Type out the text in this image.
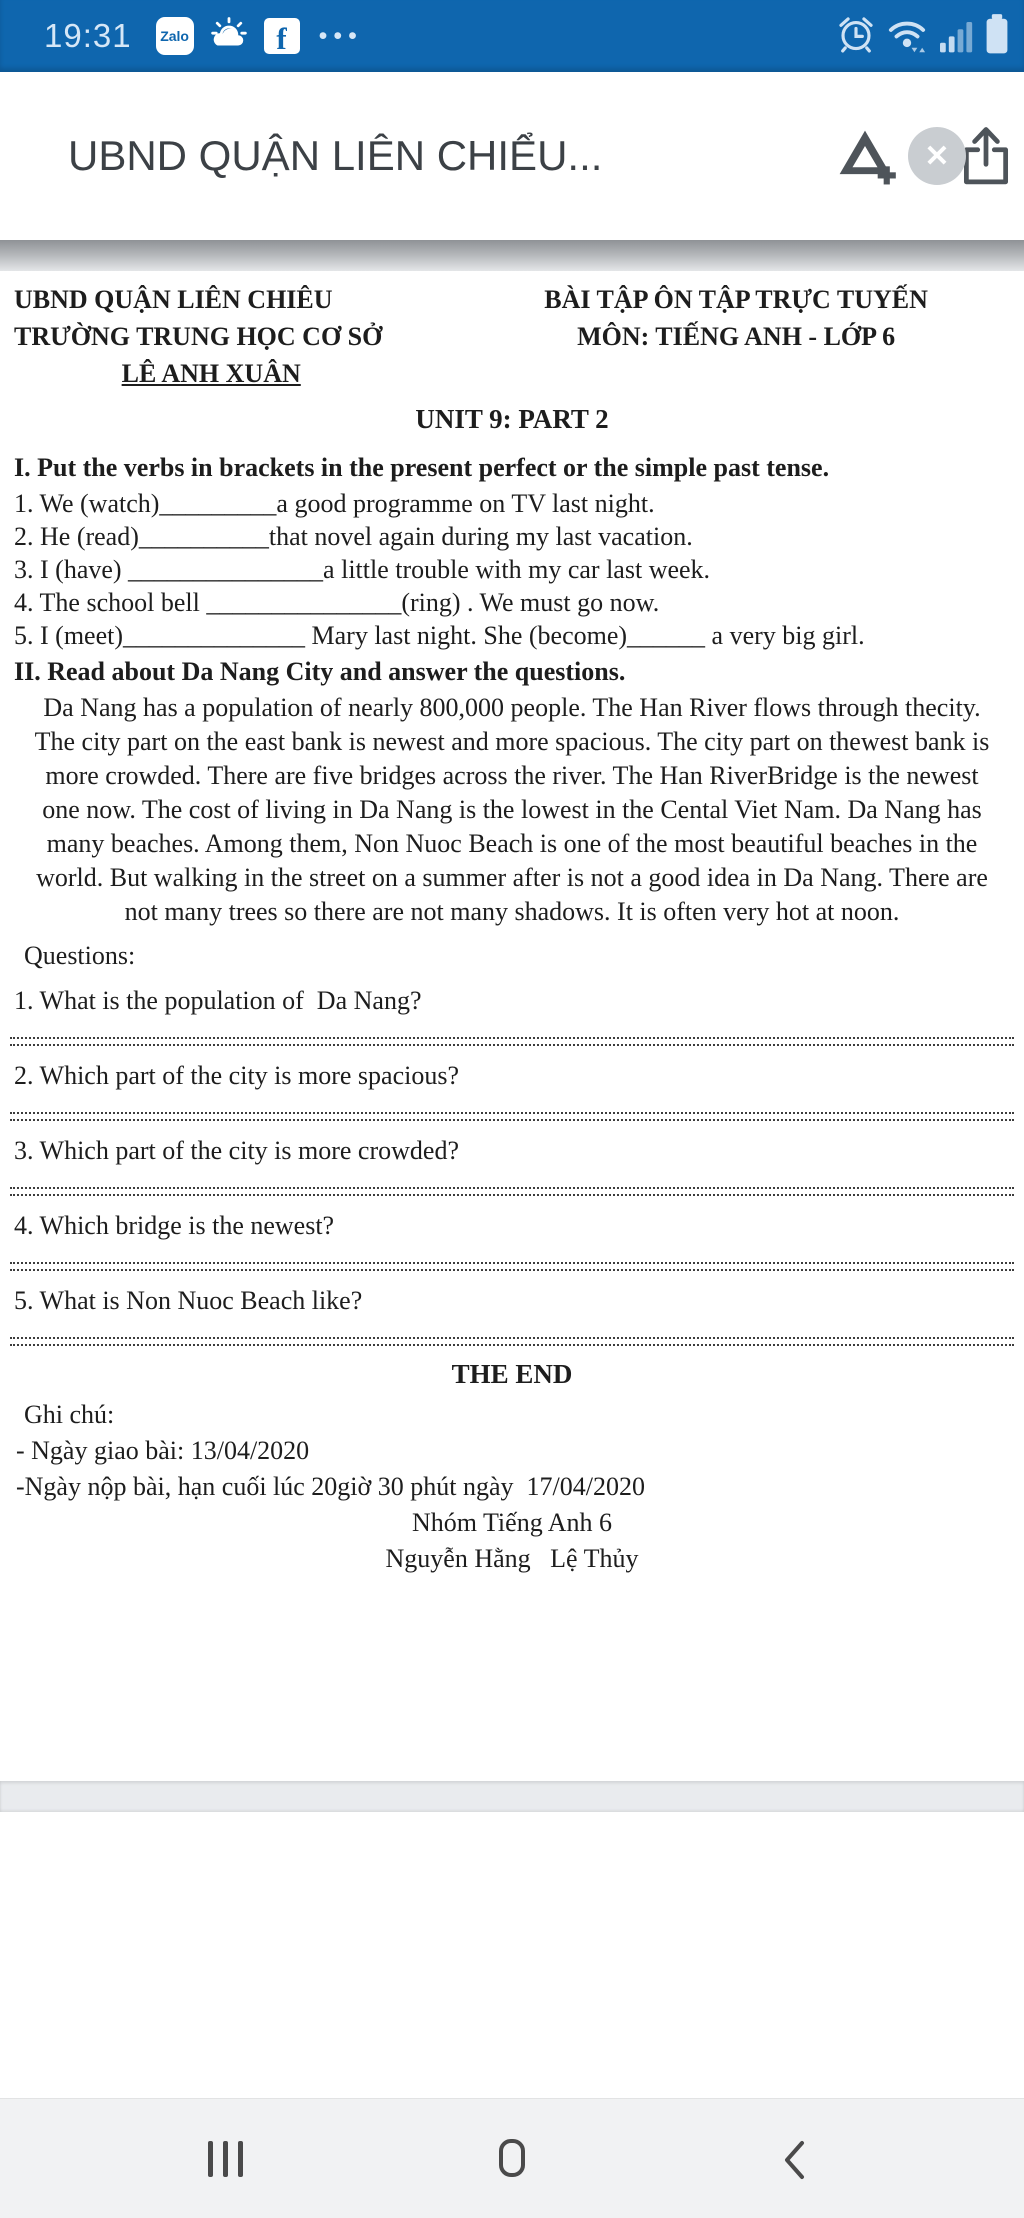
19:31	Zalo	f	•••
UBND QUẬN LIÊN CHIỂU...	✕
UBND QUẬN LIÊN CHIÊU
TRƯỜNG TRUNG HỌC CƠ SỞ
LÊ ANH XUÂN
BÀI TẬP ÔN TẬP TRỰC TUYẾN
MÔN: TIẾNG ANH - LỚP 6
UNIT 9: PART 2
I. Put the verbs in brackets in the present perfect or the simple past tense.
1. We (watch)_________a good programme on TV last night.
2. He (read)__________that novel again during my last vacation.
3. I (have) _______________a little trouble with my car last week.
4. The school bell _______________(ring) . We must go now.
5. I (meet)______________ Mary last night. She (become)______ a very big girl.
II. Read about Da Nang City and answer the questions.
Da Nang has a population of nearly 800,000 people. The Han River flows through thecity. The city part on the east bank is newest and more spacious. The city part on thewest bank is more crowded. There are five bridges across the river. The Han RiverBridge is the newest one now. The cost of living in Da Nang is the lowest in the Cental Viet Nam. Da Nang has many beaches. Among them, Non Nuoc Beach is one of the most beautiful beaches in the world. But walking in the street on a summer after is not a good idea in Da Nang. There are not many trees so there are not many shadows. It is often very hot at noon.
Questions:
1. What is the population of  Da Nang?
2. Which part of the city is more spacious?
3. Which part of the city is more crowded?
4. Which bridge is the newest?
5. What is Non Nuoc Beach like?
THE END
Ghi chú:
- Ngày giao bài: 13/04/2020
-Ngày nộp bài, hạn cuối lúc 20giờ 30 phút ngày  17/04/2020
Nhóm Tiếng Anh 6
Nguyễn Hằng   Lệ Thủy
